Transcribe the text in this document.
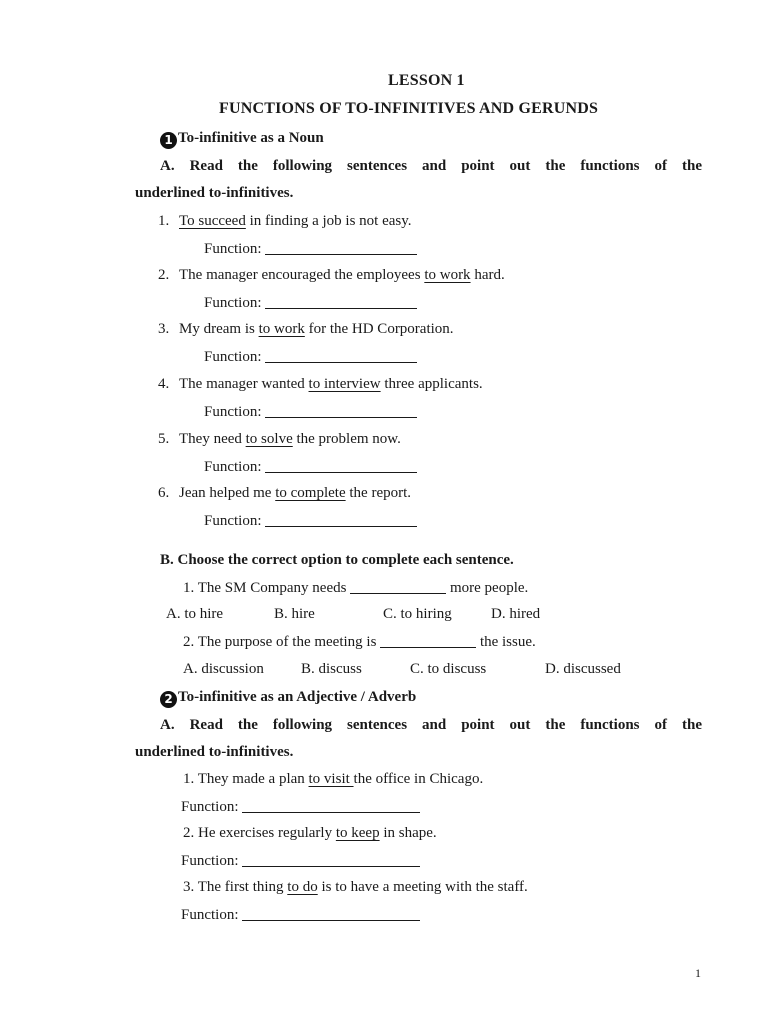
LESSON 1
FUNCTIONS OF TO-INFINITIVES AND GERUNDS
1 To-infinitive as a Noun
A. Read the following sentences and point out the functions of the
underlined to-infinitives.
1. To succeed in finding a job is not easy.
Function:
2. The manager encouraged the employees to work hard.
Function:
3. My dream is to work for the HD Corporation.
Function:
4. The manager wanted to interview three applicants.
Function:
5. They need to solve the problem now.
Function:
6. Jean helped me to complete the report.
Function:
B. Choose the correct option to complete each sentence.
1. The SM Company needs	more people.
A. to hire	B. hire	C. to hiring	D. hired
2. The purpose of the meeting is	the issue.
A. discussion B. discuss	C. to discuss	D. discussed
2 To-infinitive as an Adjective / Adverb
A. Read the following sentences and point out the functions of the
underlined to-infinitives.
1. They made a plan to visit the office in Chicago.
Function:
2. He exercises regularly to keep in shape.
Function:
3. The first thing to do is to have a meeting with the staff.
Function:
1
